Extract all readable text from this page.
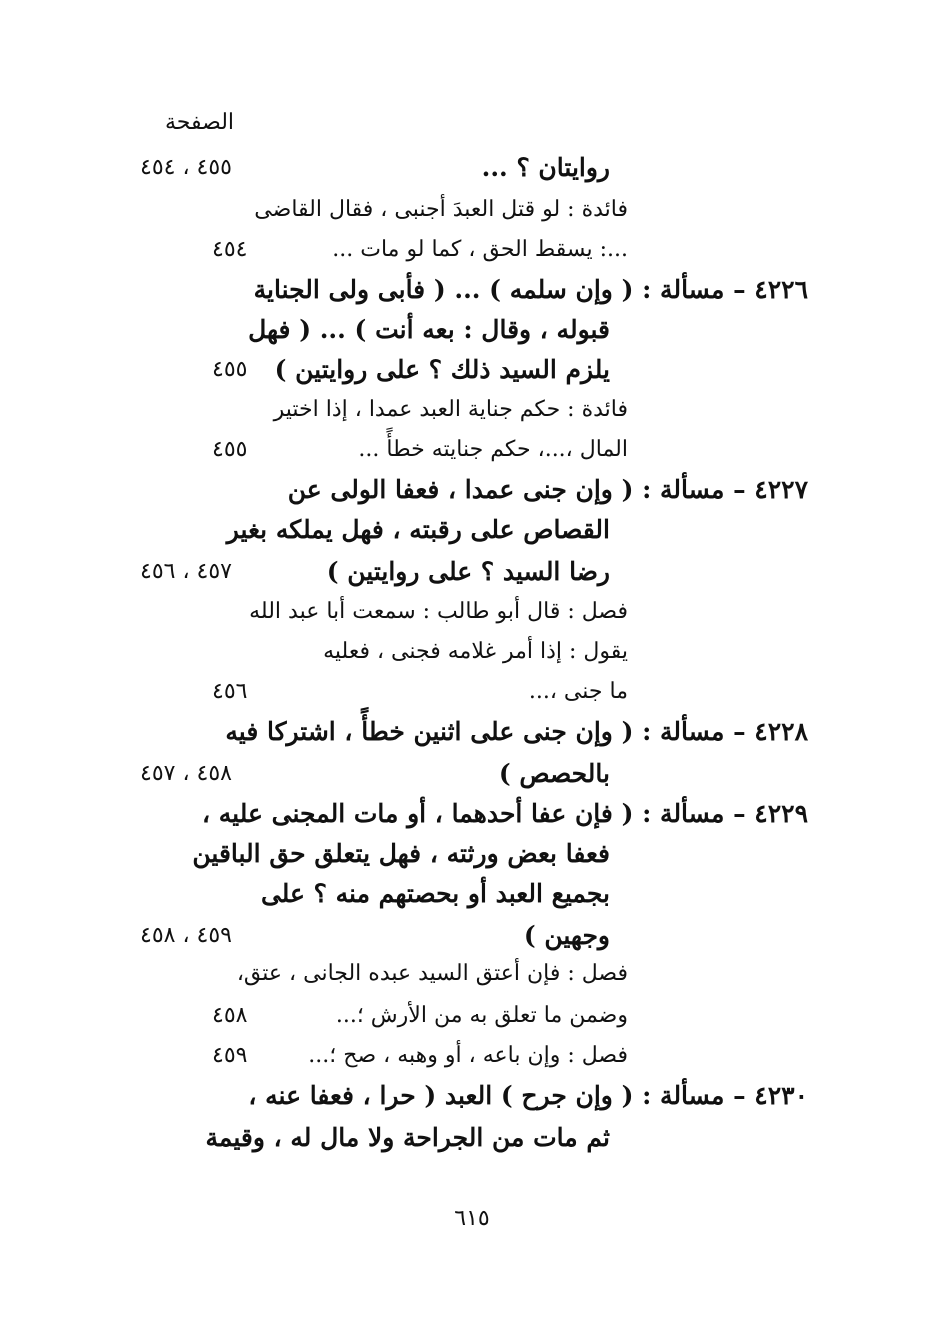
الصفحة
روايتان ؟ ...
٤٥٥ ، ٤٥٤
فائدة : لو قتل العبدَ أجنبى ، فقال القاضى
...: يسقط الحق ، كما لو مات ...
٤٥٤
٤٢٢٦ – مسألة : ( وإن سلمه ) ... ( فأبى ولى الجناية
قبوله ، وقال : بعه أنت ) ... ( فهل
يلزم السيد ذلك ؟ على روايتين )
٤٥٥
فائدة : حكم جناية العبد عمدا ، إذا اختير
المال ،...، حكم جنايته خطأً ...
٤٥٥
٤٢٢٧ – مسألة : ( وإن جنى عمدا ، فعفا الولى عن
القصاص على رقبته ، فهل يملكه بغير
رضا السيد ؟ على روايتين )
٤٥٧ ، ٤٥٦
فصل : قال أبو طالب : سمعت أبا عبد الله
يقول : إذا أمر غلامه فجنى ، فعليه
ما جنى ،...
٤٥٦
٤٢٢٨ – مسألة : ( وإن جنى على اثنين خطأً ، اشتركا فيه
بالحصص )
٤٥٨ ، ٤٥٧
٤٢٢٩ – مسألة : ( فإن عفا أحدهما ، أو مات المجنى عليه ،
فعفا بعض ورثته ، فهل يتعلق حق الباقين
بجميع العبد أو بحصتهم منه ؟ على
وجهين )
٤٥٩ ، ٤٥٨
فصل : فإن أعتق السيد عبده الجانى ، عتق،
وضمن ما تعلق به من الأرش ؛...
٤٥٨
فصل : وإن باعه ، أو وهبه ، صح ؛...
٤٥٩
٤٢٣٠ – مسألة : ( وإن جرح ) العبد ( حرا ، فعفا عنه ،
ثم مات من الجراحة ولا مال له ، وقيمة
٦١٥
